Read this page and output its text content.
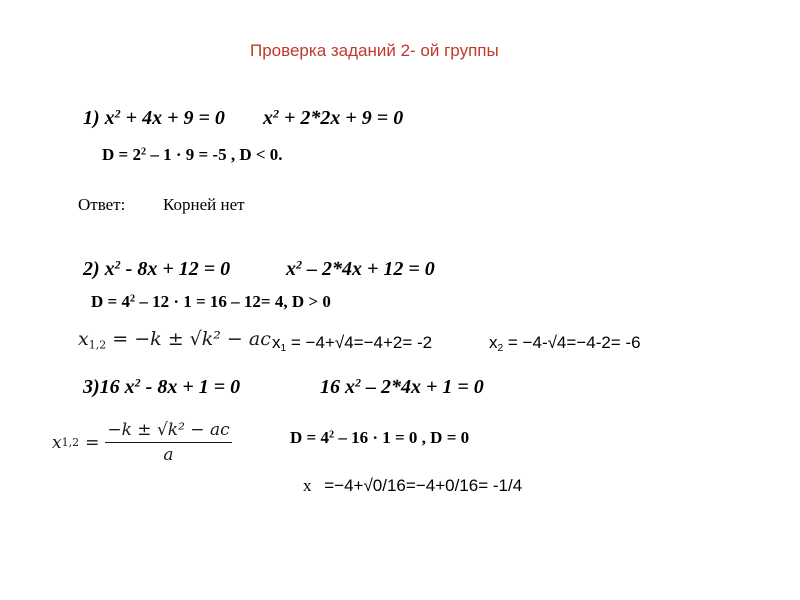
Проверка заданий 2- ой группы
1) $x^2 + 4x + 9 = 0$ $x^2 + 2*2x + 9 = 0$
$D = 2^2 - 1 \cdot 9 = -5$ , D < 0.
Ответ: Корней нет
2) $x^2 - 8x + 12 = 0$	$x^2 - 2*4x + 12 = 0$
$D = 4^2 - 12 \cdot 1 = 16 - 12= 4$, D > 0
$x_{1,2} = -k \pm √k^2$ − ac $x_1 = -4+√4=-4+2= -2$	$x_2 = -4-√4=-4-2= -6$
3)16 $x^2 - 8x + 1 = 0$	16 $x^2 - 2*4x + 1 = 0$
x $1,2 = \frac{\text{−k ± √k² − ac}}{a}$	$D = 4^2 - 16 \cdot 1 = 0$ , D = 0
x =−4+√0/16=−4+0/16= -1/4
